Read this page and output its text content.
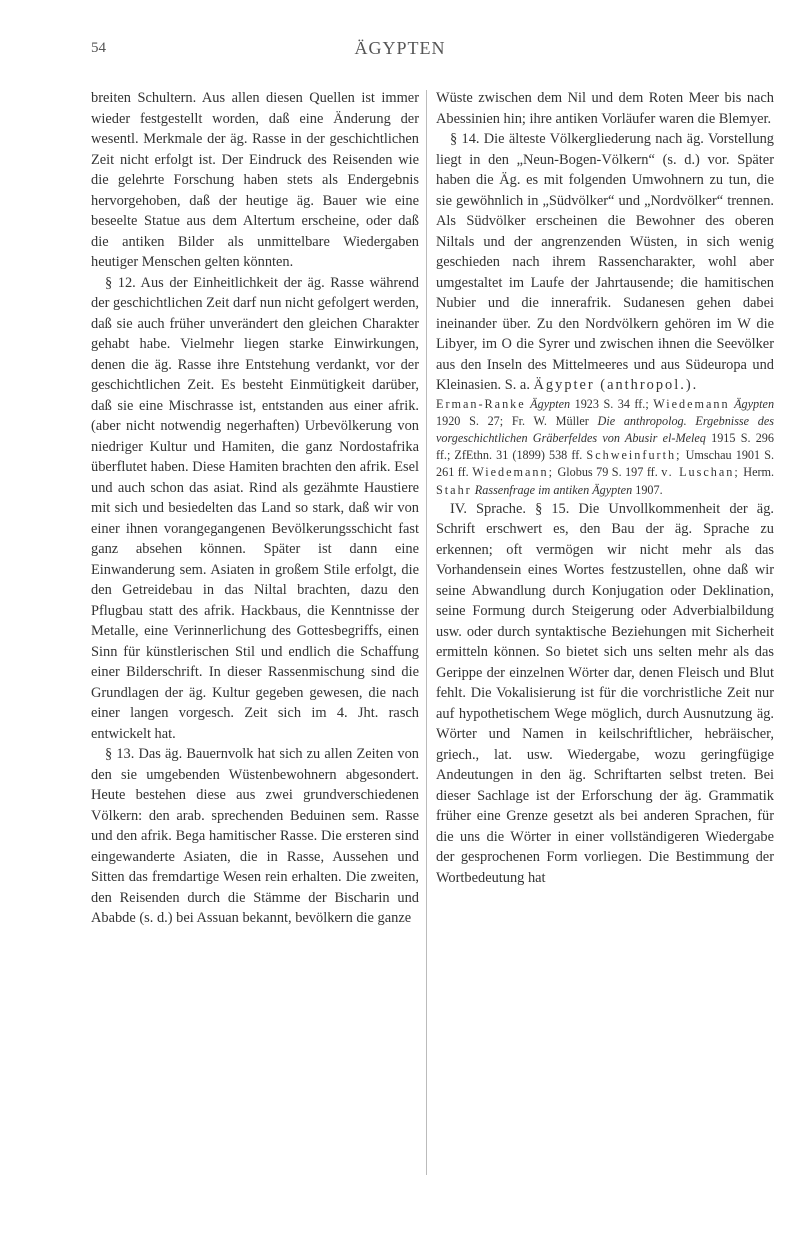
54	ÄGYPTEN

breiten Schultern. Aus allen diesen Quellen ist immer wieder festgestellt worden, daß eine Änderung der wesentl. Merkmale der äg. Rasse in der geschichtlichen Zeit nicht erfolgt ist. Der Eindruck des Reisenden wie die gelehrte Forschung haben stets als Endergebnis hervorgehoben, daß der heutige äg. Bauer wie eine beseelte Statue aus dem Altertum erscheine, oder daß die antiken Bilder als unmittelbare Wiedergaben heutiger Menschen gelten könnten.

§ 12. Aus der Einheitlichkeit der äg. Rasse während der geschichtlichen Zeit darf nun nicht gefolgert werden, daß sie auch früher unverändert den gleichen Charakter gehabt habe. Vielmehr liegen starke Einwirkungen, denen die äg. Rasse ihre Entstehung verdankt, vor der geschichtlichen Zeit. Es besteht Einmütigkeit darüber, daß sie eine Mischrasse ist, entstanden aus einer afrik. (aber nicht notwendig negerhaften) Urbevölkerung von niedriger Kultur und Hamiten, die ganz Nordostafrika überflutet haben. Diese Hamiten brachten den afrik. Esel und auch schon das asiat. Rind als gezähmte Haustiere mit sich und besiedelten das Land so stark, daß wir von einer ihnen vorangegangenen Bevölkerungsschicht fast ganz absehen können. Später ist dann eine Einwanderung sem. Asiaten in großem Stile erfolgt, die den Getreidebau in das Niltal brachten, dazu den Pflugbau statt des afrik. Hackbaus, die Kenntnisse der Metalle, eine Verinnerlichung des Gottesbegriffs, einen Sinn für künstlerischen Stil und endlich die Schaffung einer Bilderschrift. In dieser Rassenmischung sind die Grundlagen der äg. Kultur gegeben gewesen, die nach einer langen vorgesch. Zeit sich im 4. Jht. rasch entwickelt hat.

§ 13. Das äg. Bauernvolk hat sich zu allen Zeiten von den sie umgebenden Wüstenbewohnern abgesondert. Heute bestehen diese aus zwei grundverschiedenen Völkern: den arab. sprechenden Beduinen sem. Rasse und den afrik. Bega hamitischer Rasse. Die ersteren sind eingewanderte Asiaten, die in Rasse, Aussehen und Sitten das fremdartige Wesen rein erhalten. Die zweiten, den Reisenden durch die Stämme der Bischarin und Ababde (s. d.) bei Assuan bekannt, bevölkern die ganze

Wüste zwischen dem Nil und dem Roten Meer bis nach Abessinien hin; ihre antiken Vorläufer waren die Blemyer.

§ 14. Die älteste Völkergliederung nach äg. Vorstellung liegt in den „Neun-Bogen-Völkern“ (s. d.) vor. Später haben die Äg. es mit folgenden Umwohnern zu tun, die sie gewöhnlich in „Südvölker“ und „Nordvölker“ trennen. Als Südvölker erscheinen die Bewohner des oberen Niltals und der angrenzenden Wüsten, in sich wenig geschieden nach ihrem Rassencharakter, wohl aber umgestaltet im Laufe der Jahrtausende; die hamitischen Nubier und die innerafrik. Sudanesen gehen dabei ineinander über. Zu den Nordvölkern gehören im W die Libyer, im O die Syrer und zwischen ihnen die Seevölker aus den Inseln des Mittelmeeres und aus Südeuropa und Kleinasien. S. a. Ägypter (anthropol.).

Erman-Ranke Ägypten 1923 S. 34 ff.; Wiedemann Ägypten 1920 S. 27; Fr. W. Müller Die anthropolog. Ergebnisse des vorgeschichtlichen Gräberfeldes von Abusir el-Meleq 1915 S. 296 ff.; ZfEthn. 31 (1899) 538 ff. Schweinfurth; Umschau 1901 S. 261 ff. Wiedemann; Globus 79 S. 197 ff. v. Luschan; Herm. Stahr Rassenfrage im antiken Ägypten 1907.

IV. Sprache. § 15. Die Unvollkommenheit der äg. Schrift erschwert es, den Bau der äg. Sprache zu erkennen; oft vermögen wir nicht mehr als das Vorhandensein eines Wortes festzustellen, ohne daß wir seine Abwandlung durch Konjugation oder Deklination, seine Formung durch Steigerung oder Adverbialbildung usw. oder durch syntaktische Beziehungen mit Sicherheit ermitteln können. So bietet sich uns selten mehr als das Gerippe der einzelnen Wörter dar, denen Fleisch und Blut fehlt. Die Vokalisierung ist für die vorchristliche Zeit nur auf hypothetischem Wege möglich, durch Ausnutzung äg. Wörter und Namen in keilschriftlicher, hebräischer, griech., lat. usw. Wiedergabe, wozu geringfügige Andeutungen in den äg. Schriftarten selbst treten. Bei dieser Sachlage ist der Erforschung der äg. Grammatik früher eine Grenze gesetzt als bei anderen Sprachen, für die uns die Wörter in einer vollständigeren Wiedergabe der gesprochenen Form vorliegen. Die Bestimmung der Wortbedeutung hat
